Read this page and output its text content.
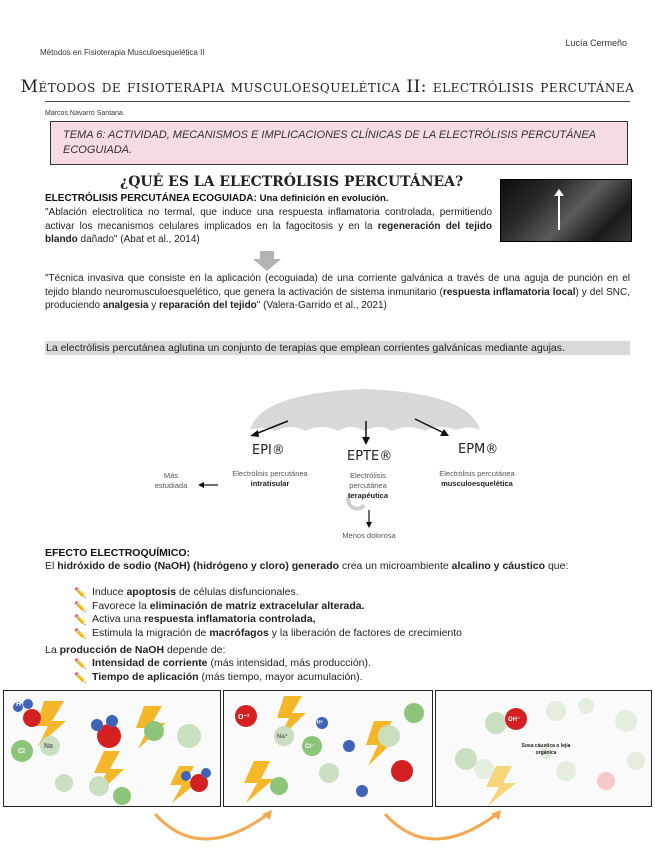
Lucía Cermeño
Métodos en Fisioterapia Musculoesquelética II
Métodos de fisioterapia musculoesquelética II: electrólisis percutánea
Marcos Navarro Santana.
TEMA 6: ACTIVIDAD, MECANISMOS E IMPLICACIONES CLÍNICAS DE LA ELECTRÓLISIS PERCUTÁNEA ECOGUIADA.
¿QUÉ ES LA ELECTRÓLISIS PERCUTÁNEA?
ELECTRÓLISIS PERCUTÁNEA ECOGUIADA: Una definición en evolución.
"Ablación electrolítica no termal, que induce una respuesta inflamatoria controlada, permitiendo activar los mecanismos celulares implicados en la fagocitosis y en la regeneración del tejido blando dañado" (Abat et al., 2014)
"Técnica invasiva que consiste en la aplicación (ecoguiada) de una corriente galvánica a través de una aguja de punción en el tejido blando neuromusculoesquelético, que genera la activación de sistema inmunitario (respuesta inflamatoria local) y del SNC, produciendo analgesia y reparación del tejido" (Valera-Garrido et al., 2021)
La electrólisis percutánea aglutina un conjunto de terapias que emplean corrientes galvánicas mediante agujas.
EPI®	EPTE®	EPM®
Electrólisis percutánea
intratisular
Electrólisis
percutánea
terapéutica
Electrólisis percutánea
musculoesquelética
Más
estudiada
Menos dolorosa
EFECTO ELECTROQUÍMICO:
El hidróxido de sodio (NaOH) (hidrógeno y cloro) generado crea un microambiente alcalino y cáustico que:
✏️ Induce apoptosis de células disfuncionales.
✏️ Favorece la eliminación de matriz extracelular alterada.
✏️ Activa una respuesta inflamatoria controlada,
✏️ Estimula la migración de macrófagos y la liberación de factores de crecimiento
La producción de NaOH depende de:
✏️ Intensidad de corriente (más intensidad, más producción).
✏️ Tiempo de aplicación (más tiempo, mayor acumulación).
O
H
Cl
Na
O⁻²
Na⁺
H⁺
Cl⁻	Sosa cáustica o lejía
orgánica
OH⁻
